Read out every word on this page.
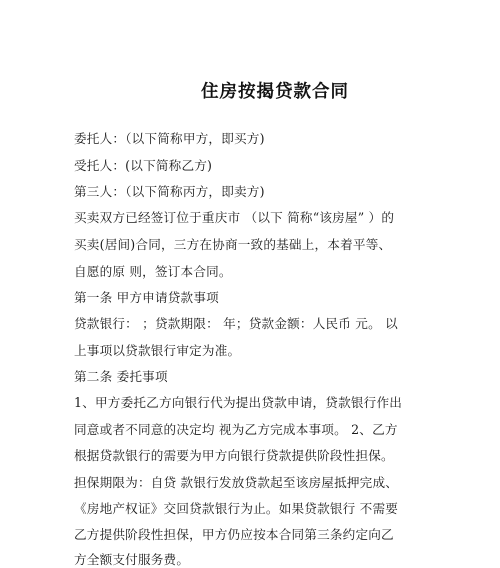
住房按揭贷款合同
委托人：（以下简称甲方，即买方)
受托人：(以下简称乙方)
第三人：（以下简称丙方，即卖方)
买卖双方已经签订位于重庆市 （以下 简称“该房屋” ）的
买卖(居间)合同，三方在协商一致的基础上，本着平等、
自愿的原 则，签订本合同。
第一条 甲方申请贷款事项
贷款银行： ；贷款期限： 年；贷款金额：人民币 元。 以
上事项以贷款银行审定为准。
第二条 委托事项
1、甲方委托乙方向银行代为提出贷款申请，贷款银行作出
同意或者不同意的决定均 视为乙方完成本事项。 2、乙方
根据贷款银行的需要为甲方向银行贷款提供阶段性担保。
担保期限为：自贷 款银行发放贷款起至该房屋抵押完成、
《房地产权证》交回贷款银行为止。如果贷款银行 不需要
乙方提供阶段性担保，甲方仍应按本合同第三条约定向乙
方全额支付服务费。
